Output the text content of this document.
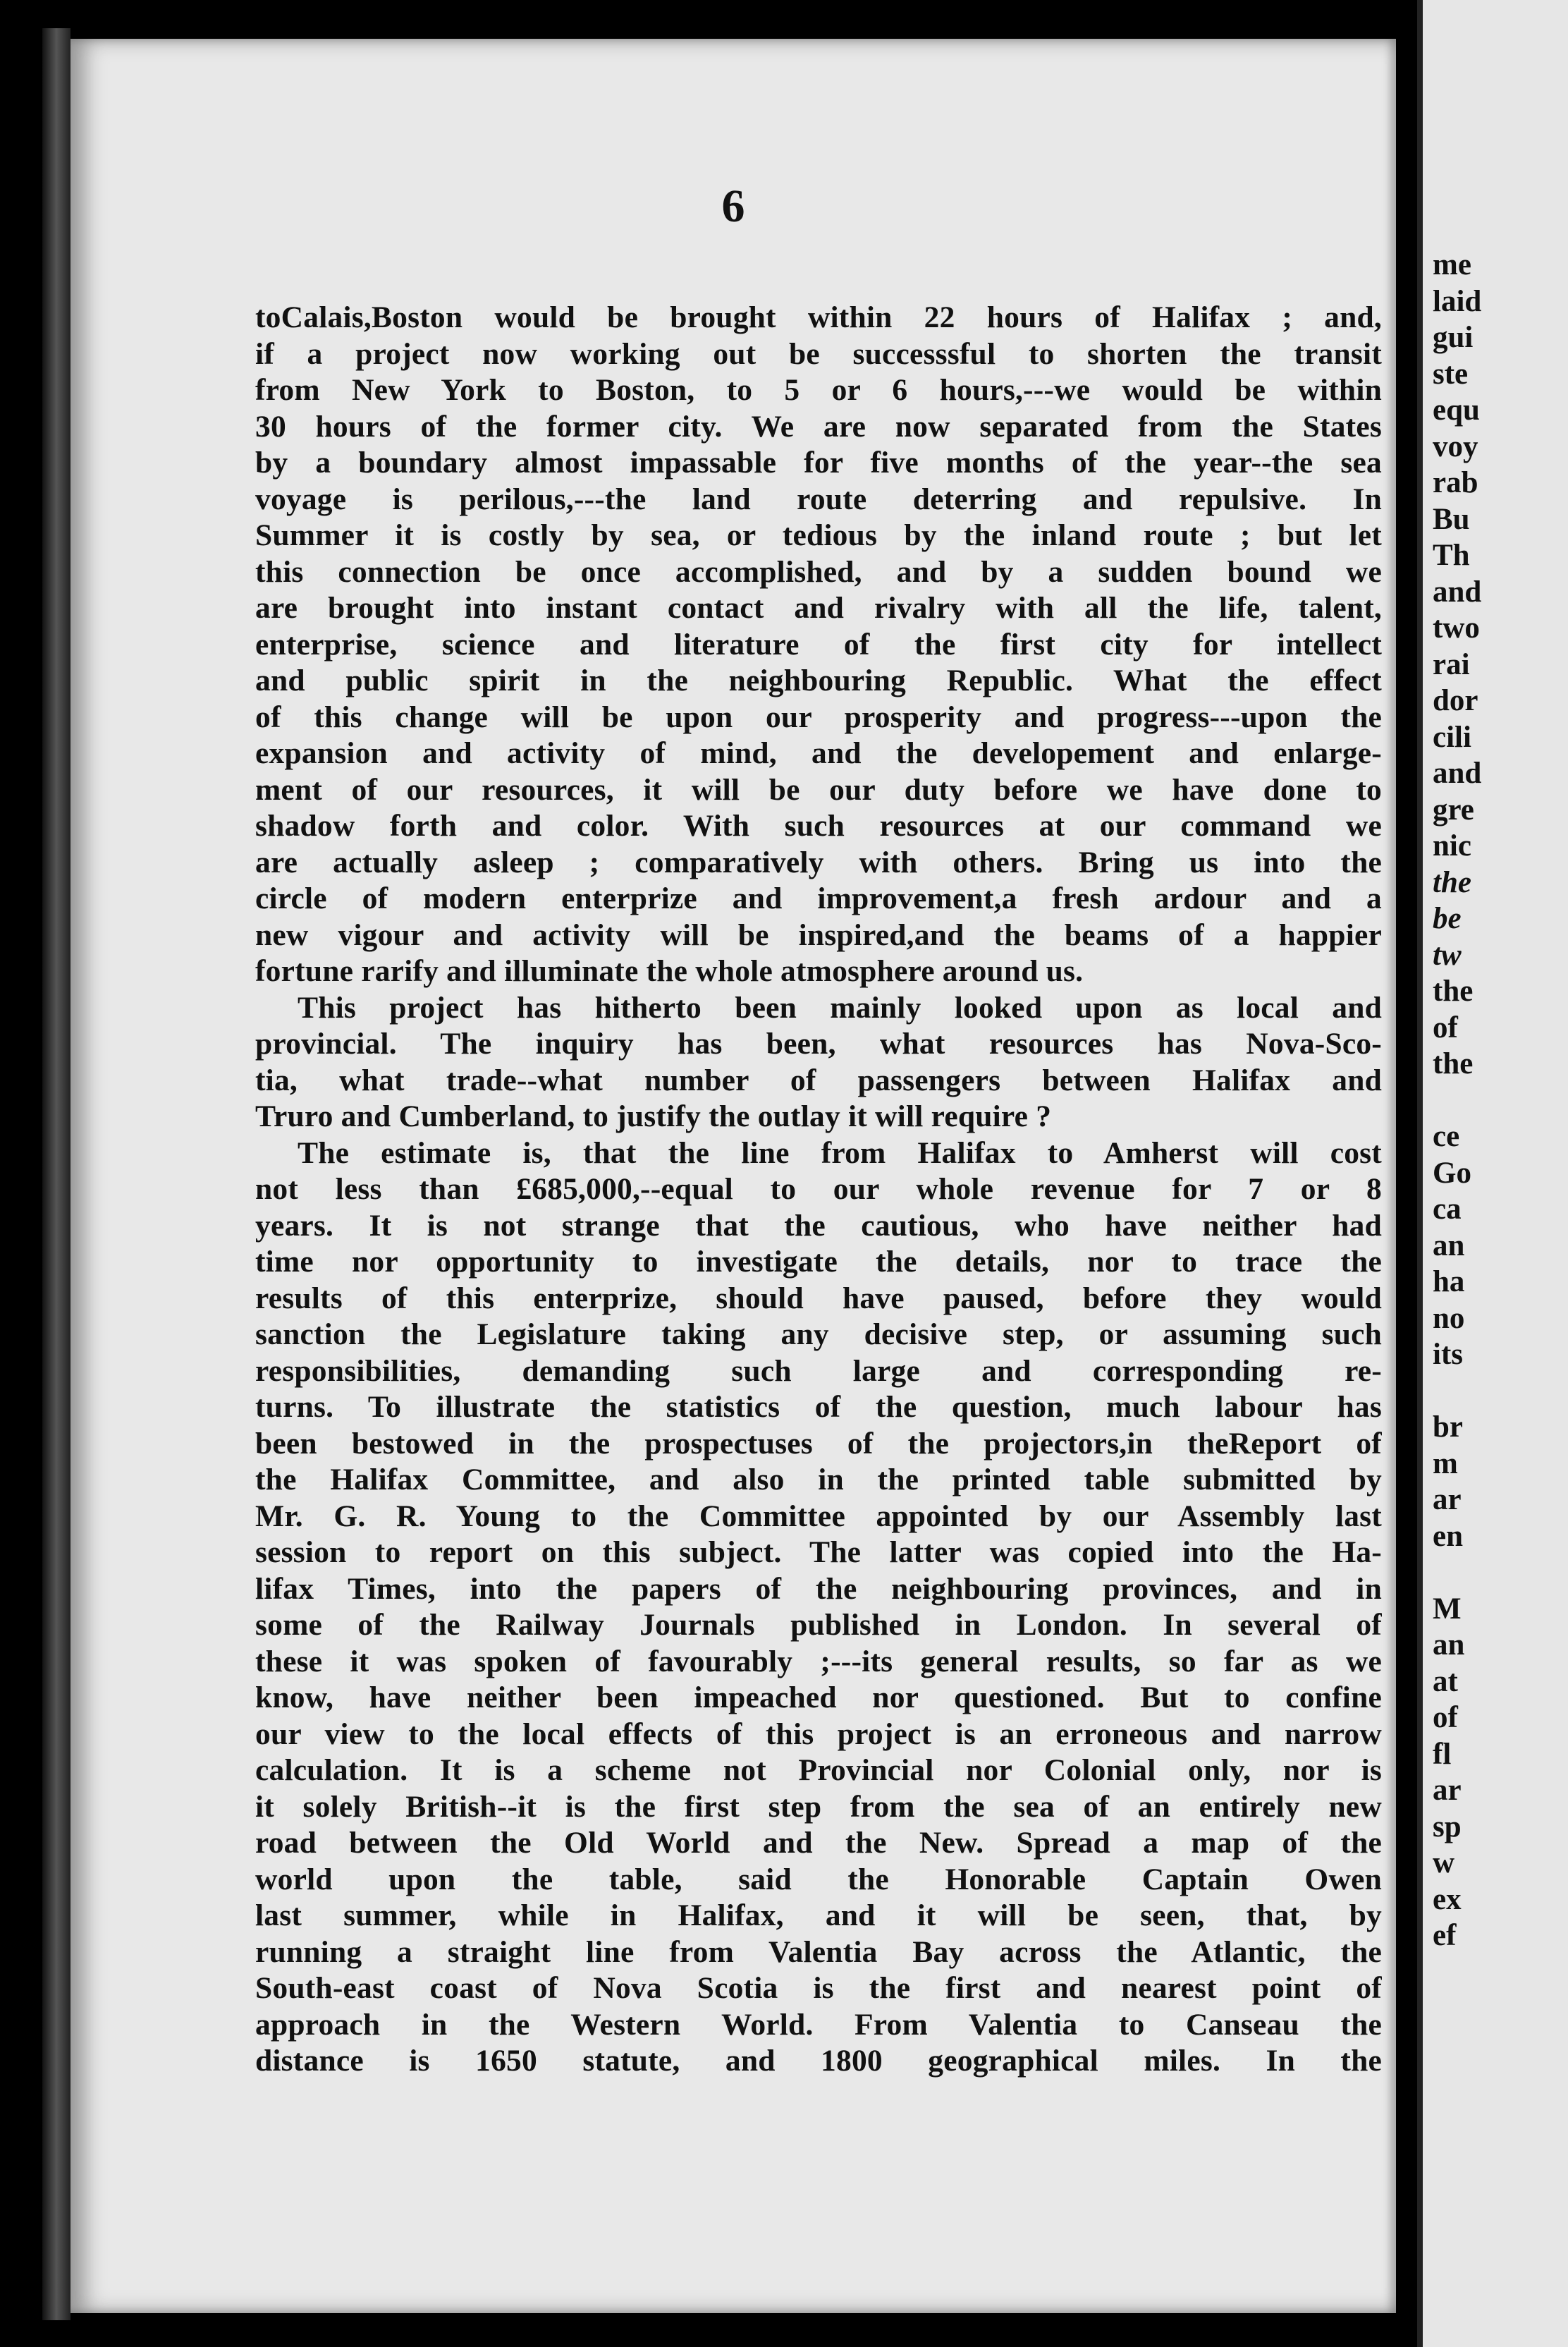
6
toCalais,Boston would be brought within 22 hours of Halifax ; and,
if a project now working out be successsful to shorten the transit
from New York to Boston, to 5 or 6 hours,---we would be within
30 hours of the former city. We are now separated from the States
by a boundary almost impassable for five months of the year--the sea
voyage is perilous,---the land route deterring and repulsive. In
Summer it is costly by sea, or tedious by the inland route ; but let
this connection be once accomplished, and by a sudden bound we
are brought into instant contact and rivalry with all the life, talent,
enterprise, science and literature of the first city for intellect
and public spirit in the neighbouring Republic. What the effect
of this change will be upon our prosperity and progress---upon the
expansion and activity of mind, and the developement and enlarge-
ment of our resources, it will be our duty before we have done to
shadow forth and color. With such resources at our command we
are actually asleep ; comparatively with others. Bring us into the
circle of modern enterprize and improvement,a fresh ardour and a
new vigour and activity will be inspired,and the beams of a happier
fortune rarify and illuminate the whole atmosphere around us.
This project has hitherto been mainly looked upon as local and
provincial. The inquiry has been, what resources has Nova-Sco-
tia, what trade--what number of passengers between Halifax and
Truro and Cumberland, to justify the outlay it will require ?
The estimate is, that the line from Halifax to Amherst will cost
not less than £685,000,--equal to our whole revenue for 7 or 8
years. It is not strange that the cautious, who have neither had
time nor opportunity to investigate the details, nor to trace the
results of this enterprize, should have paused, before they would
sanction the Legislature taking any decisive step, or assuming such
responsibilities, demanding such large and corresponding re-
turns. To illustrate the statistics of the question, much labour has
been bestowed in the prospectuses of the projectors,in theReport of
the Halifax Committee, and also in the printed table submitted by
Mr. G. R. Young to the Committee appointed by our Assembly last
session to report on this subject. The latter was copied into the Ha-
lifax Times, into the papers of the neighbouring provinces, and in
some of the Railway Journals published in London. In several of
these it was spoken of favourably ;---its general results, so far as we
know, have neither been impeached nor questioned. But to confine
our view to the local effects of this project is an erroneous and narrow
calculation. It is a scheme not Provincial nor Colonial only, nor is
it solely British--it is the first step from the sea of an entirely new
road between the Old World and the New. Spread a map of the
world upon the table, said the Honorable Captain Owen
last summer, while in Halifax, and it will be seen, that, by
running a straight line from Valentia Bay across the Atlantic, the
South-east coast of Nova Scotia is the first and nearest point of
approach in the Western World. From Valentia to Canseau the
distance is 1650 statute, and 1800 geographical miles. In the
me
laid
gui
ste
equ
voy
rab
Bu
Th
and
two
rai
dor
cili
and
gre
nic
the
be
tw
the
of
the
ce
Go
ca
an
ha
no
its
br
m
ar
en
M
an
at
of
fl
ar
sp
w
ex
ef
